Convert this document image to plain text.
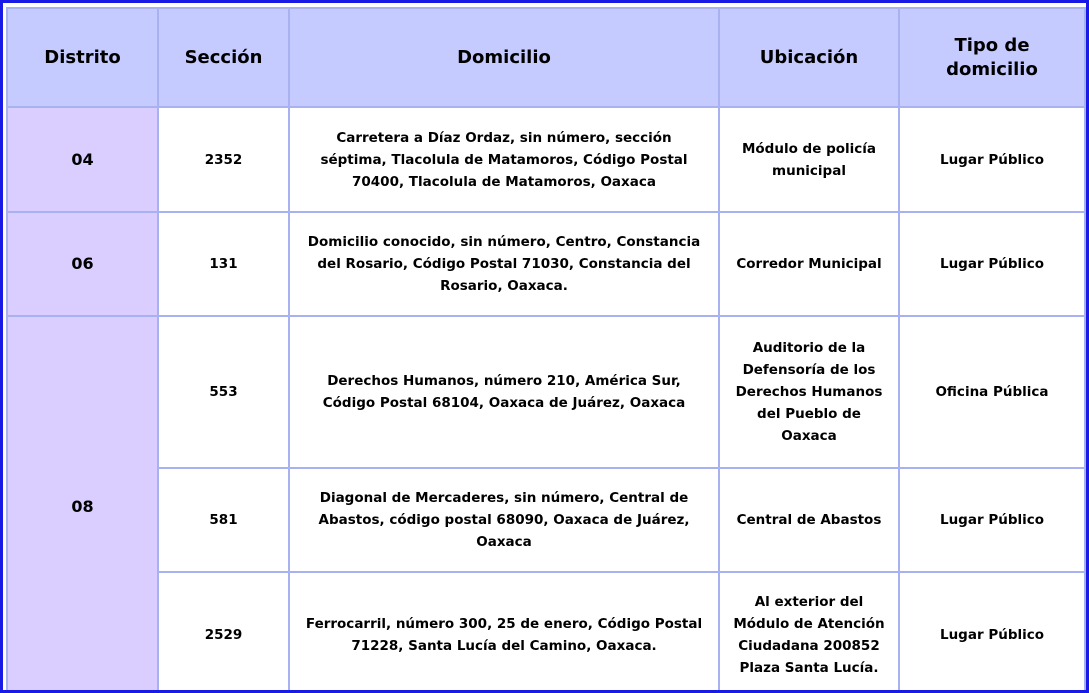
Distrito	Sección	Domicilio	Ubicación	Tipo de domicilio
04	2352	Carretera a Díaz Ordaz, sin número, sección séptima, Tlacolula de Matamoros, Código Postal 70400, Tlacolula de Matamoros, Oaxaca	Módulo de policía municipal	Lugar Público
06	131	Domicilio conocido, sin número, Centro, Constancia del Rosario, Código Postal 71030, Constancia del Rosario, Oaxaca.	Corredor Municipal	Lugar Público
08	553	Derechos Humanos, número 210, América Sur, Código Postal 68104, Oaxaca de Juárez, Oaxaca	Auditorio de la Defensoría de los Derechos Humanos del Pueblo de Oaxaca	Oficina Pública
	581	Diagonal de Mercaderes, sin número, Central de Abastos, código postal 68090, Oaxaca de Juárez, Oaxaca	Central de Abastos	Lugar Público
	2529	Ferrocarril, número 300, 25 de enero, Código Postal 71228, Santa Lucía del Camino, Oaxaca.	Al exterior del Módulo de Atención Ciudadana 200852 Plaza Santa Lucía.	Lugar Público
